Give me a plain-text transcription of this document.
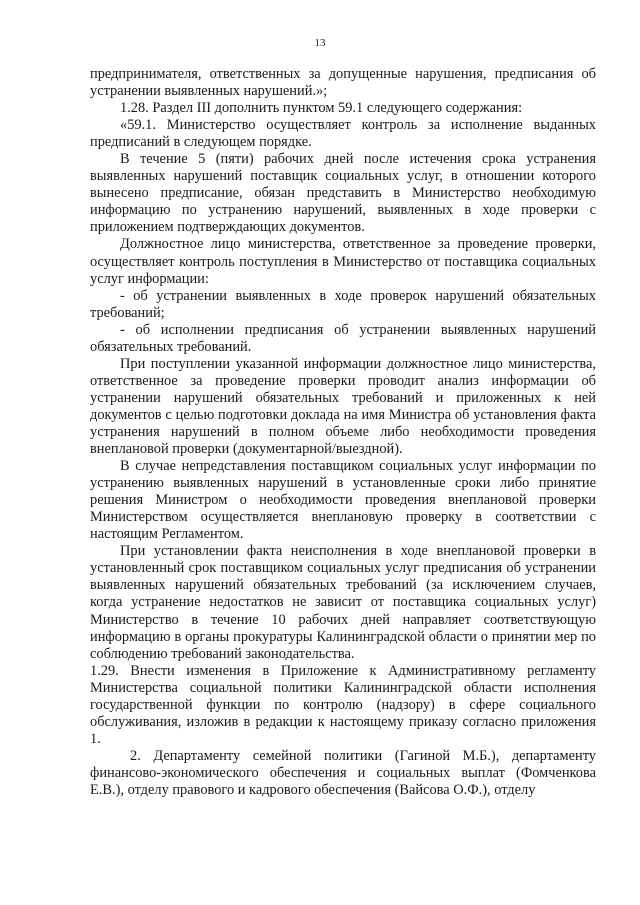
13

предпринимателя, ответственных за допущенные нарушения, предписания об устранении выявленных нарушений.»;

1.28. Раздел III дополнить пунктом 59.1 следующего содержания:

«59.1. Министерство осуществляет контроль за исполнение выданных предписаний в следующем порядке.

В течение 5 (пяти) рабочих дней после истечения срока устранения выявленных нарушений поставщик социальных услуг, в отношении которого вынесено предписание, обязан представить в Министерство необходимую информацию по устранению нарушений, выявленных в ходе проверки с приложением подтверждающих документов.

Должностное лицо министерства, ответственное за проведение проверки, осуществляет контроль поступления в Министерство от поставщика социальных услуг информации:

- об устранении выявленных в ходе проверок нарушений обязательных требований;

- об исполнении предписания об устранении выявленных нарушений обязательных требований.

При поступлении указанной информации должностное лицо министерства, ответственное за проведение проверки проводит анализ информации об устранении нарушений обязательных требований и приложенных к ней документов с целью подготовки доклада на имя Министра об установления факта устранения нарушений в полном объеме либо необходимости проведения внеплановой проверки (документарной/выездной).

В случае непредставления поставщиком социальных услуг информации по устранению выявленных нарушений в установленные сроки либо принятие решения Министром о необходимости проведения внеплановой проверки Министерством осуществляется внеплановую проверку в соответствии с настоящим Регламентом.

При установлении факта неисполнения в ходе внеплановой проверки в установленный срок поставщиком социальных услуг предписания об устранении выявленных нарушений обязательных требований (за исключением случаев, когда устранение недостатков не зависит от поставщика социальных услуг) Министерство в течение 10 рабочих дней направляет соответствующую информацию в органы прокуратуры Калининградской области о принятии мер по соблюдению требований законодательства.

1.29. Внести изменения в Приложение к Административному регламенту Министерства социальной политики Калининградской области исполнения государственной функции по контролю (надзору) в сфере социального обслуживания, изложив в редакции к настоящему приказу согласно приложения 1.

2. Департаменту семейной политики (Гагиной М.Б.), департаменту финансово-экономического обеспечения и социальных выплат (Фомченкова Е.В.), отделу правового и кадрового обеспечения (Вайсова О.Ф.), отделу
